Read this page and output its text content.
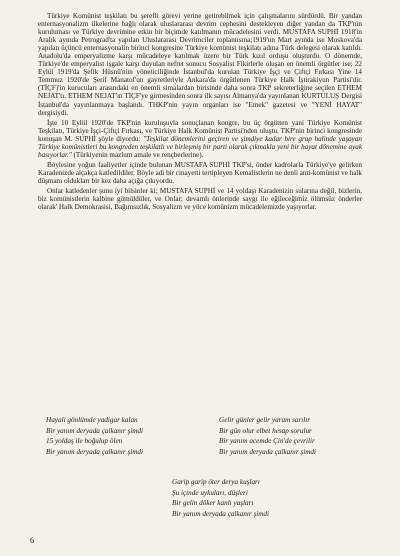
Türkiye Komünist teşkilatı bu şerefli görevi yerine getirebilmek için çalışmalarını sürdürdü. Bir yandan enternasyonalizm ilkelerine bağlı olarak uluslararası devrim cephesini destekleyen diğer yandan da TKP'nin kuruluması ve Türkiye devrimine etkin bir biçimde katılmanın mücadelesini verdi. MUSTAFA SUPHİ 1918'in Aralık ayında Petrograd'ta yapılan Uluslararası Devrimciler toplantısına;1919'un Mart ayında ise Moskova'da yapılan üçüncü enternasyonalin birinci kongresine Türkiye komünist teşkilatı adına Türk delegesi olarak katıldı. Anadolu'da emperyalizme karşı mücadeleye katılmak üzere bir Türk kızıl orduşu oluşturdu. O dönemde, Türkiye'de emperyalist işgale karşı duyulan nefret sonucu Sosyalist Fikirlerle oluşan en önemli örgütler ise; 22 Eylül 1919'da Şefik Hüsnü'nün yöneticiliğinde İstanbul'da kurulan Türkiye İşçi ve Çiftçi Fırkası Yine 14 Temmuz 1920'de Şerif Manatof'un gayretleriyle Ankara'da örgütlenen Türkiye Halk İştirakiyun Partisi'dir. (TİÇF)'in kurucuları arasındaki en önemli simalardan birisinde daha sonra TKP sekreterliğine seçilen ETHEM NEJAT'tı. ETHEM NEJAT'ın TİÇF'ye girmesinden sonra ilk sayısı Almanya'da yayınlanan KURTULUŞ Dergisi İstanbul'da yayınlanmaya başlandı. THKP'nin yayın organları ise "Emek" gazetesi ve "YENİ HAYAT" dergisiydi.

İşte 10 Eylül 1920'de TKP'nin kuruluşuyla sonuçlanan kongre, bu üç örgütten yani Türkiye Komünist Teşkilatı, Türkiye İşçi-Çiftçi Fırkası, ve Türkiye Halk Komünist Partisi'nden oluştu. TKP'nin birinci kongresinde konuşan M. SUPHİ şöyle diyordu: "Teşkilat dönemlerini geçiren ve şimdiye kadar bire grup halinde yaşayan Türkiye komünistleri bu kongreden teşkilatlı ve birleşmiş bir parti olarak çıkmakla yeni bir hayat dönemine ayak basıyorlar." (Türkiyenin mazlum amale ve rençberlerine).

Böylesine yoğun faaliyetler içinde bulunan MUSTAFA SUPHİ TKP'si, önder kadrolarla Türkiye'ye gelirken Karadenizde alçakça katledildiler. Böyle adi bir cinayetti tertipleyen Kemalistlerin ne denli anti-komünist ve halk düşmanı oldukları bir kez daha açığa çıkıyordu.

Onlar katledenler şunu iyi bilsinler ki; MUSTAFA SUPHİ ve 14 yoldaşı Karadenizin sularına değil, bizlerin, biz komünistlerin kalbine gömüldüler, ve Onlar; devamlı önlerinde saygı ile eğileceğimiz ölümsüz önderler olarak' Halk Demokrasisi, Bağımsızlık, Sosyalizm ve yüce komünizm mücadelemizde yaşıyorlar.

Hayali gönlümde yadigar kalan
Bir yanım deryada çalkanır şimdi
15 yoldaş ile boğulup ölen
Bir yanım deryada çalkanır şimdi
Gelir günler gelir yaram sarılır
Bir gün olur elbet hesap sorulur
Bir yanım acemde Çin'de çevrilir
Bir yanım deryada çalkanır şimdi
Garip garip öter derya kuşları
Şu içinde uykuları, düşleri
Bir gelin döker kanlı yaşları
Bir yanım deryada çalkanır şimdi
6
